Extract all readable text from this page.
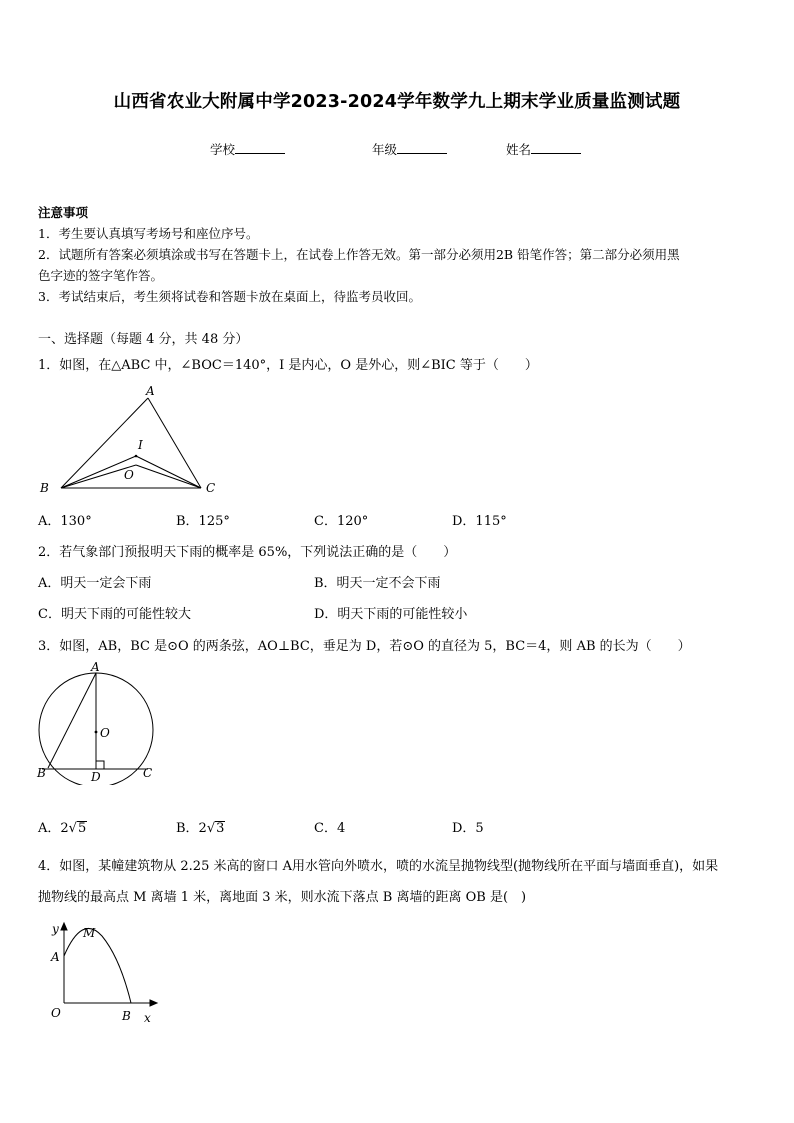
山西省农业大附属中学2023-2024学年数学九上期末学业质量监测试题
学校	年级	姓名
注意事项
1．考生要认真填写考场号和座位序号。
2．试题所有答案必须填涂或书写在答题卡上，在试卷上作答无效。第一部分必须用2B 铅笔作答；第二部分必须用黑
色字迹的签字笔作答。
3．考试结束后，考生须将试卷和答题卡放在桌面上，待监考员收回。
一、选择题（每题 4 分，共 48 分）
1．如图，在△ABC 中，∠BOC＝140°，I 是内心，O 是外心，则∠BIC 等于（　　）
A
B	C
I
O
A．130°	B．125°	C．120°	D．115°
2．若气象部门预报明天下雨的概率是 65%，下列说法正确的是（　　）
A．明天一定会下雨	B．明天一定不会下雨
C．明天下雨的可能性较大	D．明天下雨的可能性较小
3．如图，AB，BC 是⊙O 的两条弦，AO⊥BC，垂足为 D，若⊙O 的直径为 5，BC＝4，则 AB 的长为（　　）
A
O
B	D	C
A．2√5	B．2√3	C．4	D．5
4．如图，某幢建筑物从 2.25 米高的窗口 A用水管向外喷水，喷的水流呈抛物线型(抛物线所在平面与墙面垂直)，如果
抛物线的最高点 M 离墙 1 米，离地面 3 米，则水流下落点 B 离墙的距离 OB 是(　)
y M
A
O	B x
